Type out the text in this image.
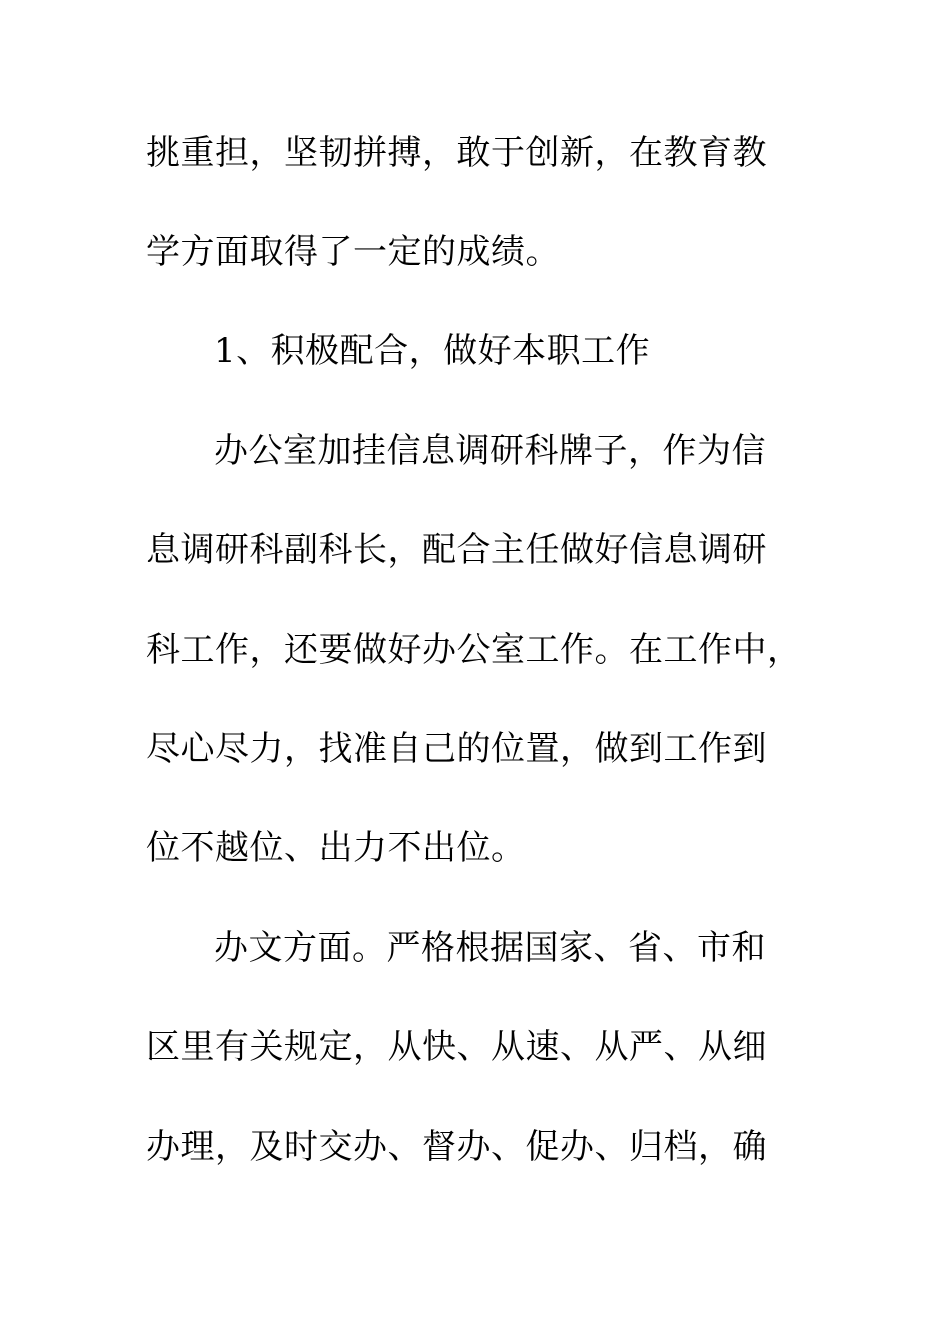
挑重担，坚韧拼搏，敢于创新，在教育教
学方面取得了一定的成绩。
1、积极配合，做好本职工作
办公室加挂信息调研科牌子，作为信
息调研科副科长，配合主任做好信息调研
科工作，还要做好办公室工作。在工作中，
尽心尽力，找准自己的位置，做到工作到
位不越位、出力不出位。
办文方面。严格根据国家、省、市和
区里有关规定，从快、从速、从严、从细
办理，及时交办、督办、促办、归档，确
